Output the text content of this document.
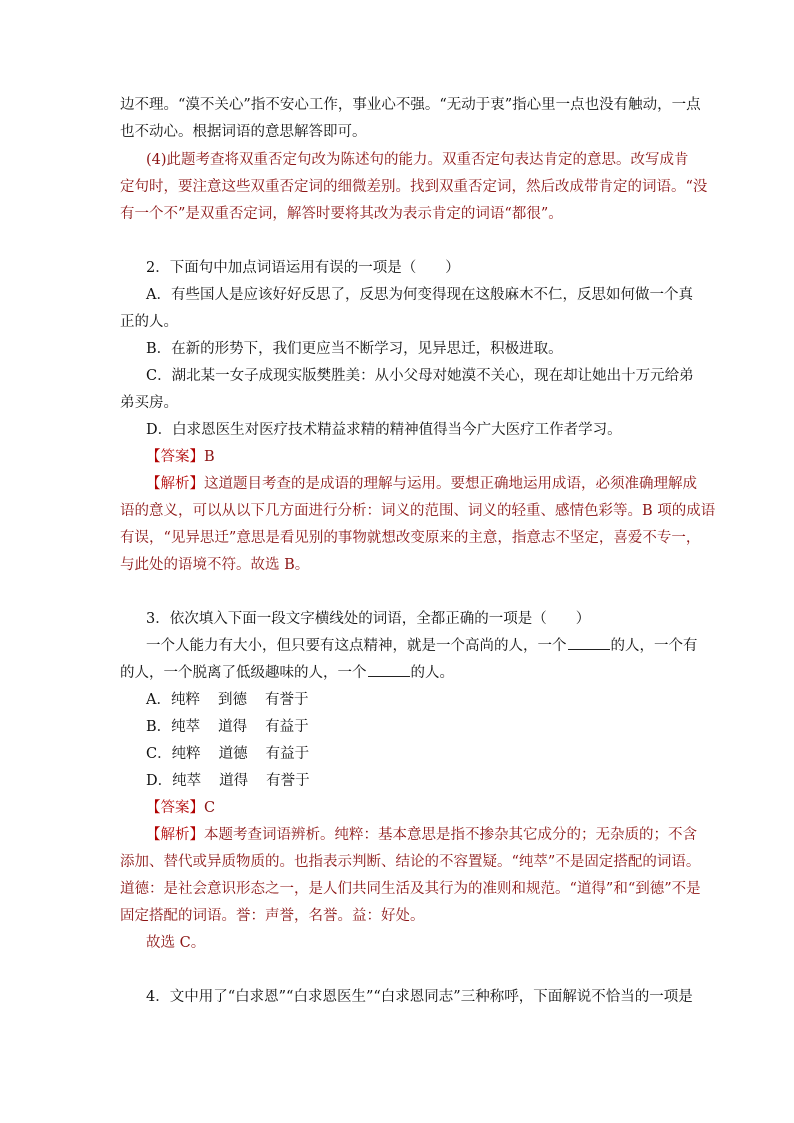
边不理。“漠不关心”指不安心工作，事业心不强。“无动于衷”指心里一点也没有触动，一点
也不动心。根据词语的意思解答即可。
(4)此题考查将双重否定句改为陈述句的能力。双重否定句表达肯定的意思。改写成肯
定句时，要注意这些双重否定词的细微差别。找到双重否定词，然后改成带肯定的词语。“没
有一个不”是双重否定词，解答时要将其改为表示肯定的词语“都很”。
2．下面句中加点词语运用有误的一项是（　　）
A．有些国人是应该好好反思了，反思为何变得现在这般麻木不仁，反思如何做一个真
正的人。
B．在新的形势下，我们更应当不断学习，见异思迁，积极进取。
C．湖北某一女子成现实版樊胜美：从小父母对她漠不关心，现在却让她出十万元给弟
弟买房。
D．白求恩医生对医疗技术精益求精的精神值得当今广大医疗工作者学习。
【答案】B
【解析】这道题目考查的是成语的理解与运用。要想正确地运用成语，必须准确理解成
语的意义，可以从以下几方面进行分析：词义的范围、词义的轻重、感情色彩等。B 项的成语
有误，“见异思迁”意思是看见别的事物就想改变原来的主意，指意志不坚定，喜爱不专一，
与此处的语境不符。故选 B。
3．依次填入下面一段文字横线处的词语，全都正确的一项是（　　）
一个人能力有大小，但只要有这点精神，就是一个高尚的人，一个	的人，一个有
的人，一个脱离了低级趣味的人，一个	的人。
A．纯粹 到德 有誉于
B．纯萃 道得 有益于
C．纯粹 道德 有益于
D．纯萃 道得 有誉于
【答案】C
【解析】本题考查词语辨析。纯粹：基本意思是指不掺杂其它成分的；无杂质的；不含
添加、替代或异质物质的。也指表示判断、结论的不容置疑。“纯萃”不是固定搭配的词语。
道德：是社会意识形态之一，是人们共同生活及其行为的准则和规范。“道得”和“到德”不是
固定搭配的词语。誉：声誉，名誉。益：好处。
故选 C。
4．文中用了“白求恩”“白求恩医生”“白求恩同志”三种称呼，下面解说不恰当的一项是
